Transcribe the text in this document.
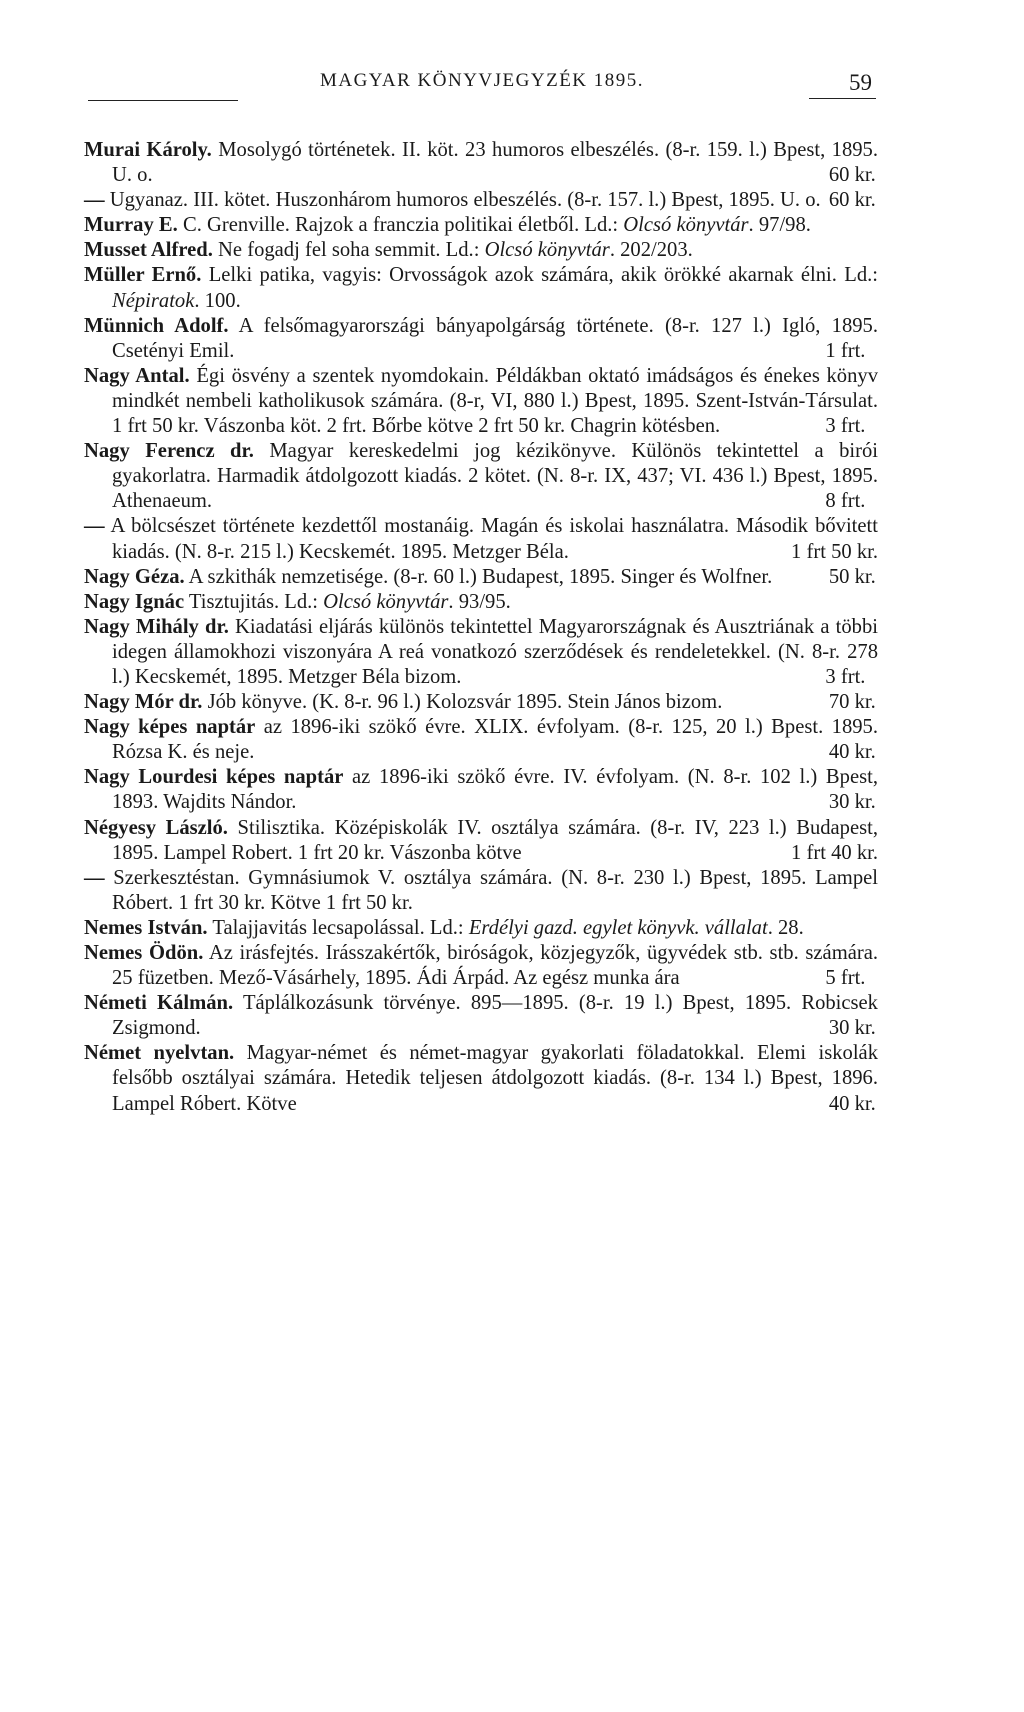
MAGYAR KÖNYVJEGYZÉK 1895.	59

Murai Károly. Mosolygó történetek. II. köt. 23 humoros elbeszélés. (8-r. 159. l.) Bpest, 1895. U. o.	60 kr.

— Ugyanaz. III. kötet. Huszonhárom humoros elbeszélés. (8-r. 157. l.) Bpest, 1895. U. o. 60 kr.

Murray E. C. Grenville. Rajzok a franczia politikai életből. Ld.: Olcsó könyvtár. 97/98.

Musset Alfred. Ne fogadj fel soha semmit. Ld.: Olcsó könyvtár. 202/203.

Müller Ernő. Lelki patika, vagyis: Orvosságok azok számára, akik örökké akarnak élni. Ld.: Népiratok. 100.

Münnich Adolf. A felsőmagyarországi bányapolgárság története. (8-r. 127 l.) Igló, 1895. Csetényi Emil.	1 frt.

Nagy Antal. Égi ösvény a szentek nyomdokain. Példákban oktató imádságos és énekes könyv mindkét nembeli katholikusok számára. (8-r, VI, 880 l.) Bpest, 1895. Szent-István-Társulat. 1 frt 50 kr. Vászonba köt. 2 frt. Bőrbe kötve 2 frt 50 kr. Chagrin kötésben.	3 frt.

Nagy Ferencz dr. Magyar kereskedelmi jog kézikönyve. Különös tekintettel a birói gyakorlatra. Harmadik átdolgozott kiadás. 2 kötet. (N. 8-r. IX, 437; VI. 436 l.) Bpest, 1895. Athenaeum.	8 frt.

— A bölcsészet története kezdettől mostanáig. Magán és iskolai használatra. Második bővitett kiadás. (N. 8-r. 215 l.) Kecskemét. 1895. Metzger Béla.	1 frt 50 kr.

Nagy Géza. A szkithák nemzetisége. (8-r. 60 l.) Budapest, 1895. Singer és Wolfner.	50 kr.

Nagy Ignác Tisztujitás. Ld.: Olcsó könyvtár. 93/95.

Nagy Mihály dr. Kiadatási eljárás különös tekintettel Magyarországnak és Ausztriának a többi idegen államokhozi viszonyára A reá vonatkozó szerződések és rendeletekkel. (N. 8-r. 278 l.) Kecskemét, 1895. Metzger Béla bizom.	3 frt.

Nagy Mór dr. Jób könyve. (K. 8-r. 96 l.) Kolozsvár 1895. Stein János bizom.	70 kr.

Nagy képes naptár az 1896-iki szökő évre. XLIX. évfolyam. (8-r. 125, 20 l.) Bpest. 1895. Rózsa K. és neje.	40 kr.

Nagy Lourdesi képes naptár az 1896-iki szökő évre. IV. évfolyam. (N. 8-r. 102 l.) Bpest, 1893. Wajdits Nándor.	30 kr.

Négyesy László. Stilisztika. Középiskolák IV. osztálya számára. (8-r. IV, 223 l.) Budapest, 1895. Lampel Robert. 1 frt 20 kr. Vászonba kötve	1 frt 40 kr.

— Szerkesztéstan. Gymnásiumok V. osztálya számára. (N. 8-r. 230 l.) Bpest, 1895. Lampel Róbert. 1 frt 30 kr. Kötve 1 frt 50 kr.

Nemes István. Talajjavitás lecsapolással. Ld.: Erdélyi gazd. egylet könyvk. vállalat. 28.

Nemes Ödön. Az irásfejtés. Irásszakértők, biróságok, közjegyzők, ügyvédek stb. stb. számára. 25 füzetben. Mező-Vásárhely, 1895. Ádi Árpád. Az egész munka ára	5 frt.

Németi Kálmán. Táplálkozásunk törvénye. 895—1895. (8-r. 19 l.) Bpest, 1895. Robicsek Zsigmond.	30 kr.

Német nyelvtan. Magyar-német és német-magyar gyakorlati föladatokkal. Elemi iskolák felsőbb osztályai számára. Hetedik teljesen átdolgozott kiadás. (8-r. 134 l.) Bpest, 1896. Lampel Róbert. Kötve	40 kr.
